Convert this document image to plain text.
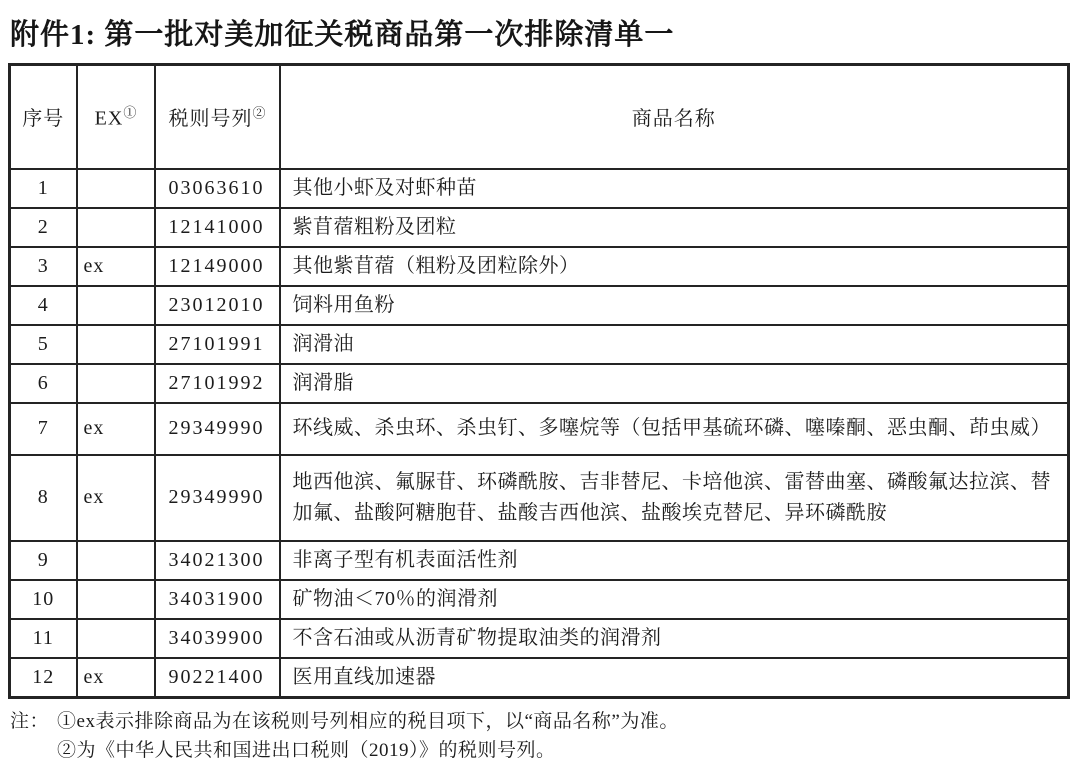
附件1: 第一批对美加征关税商品第一次排除清单一
序号	EX①	税则号列②	商品名称
1		03063610	其他小虾及对虾种苗
2		12141000	紫苜蓿粗粉及团粒
3	ex	12149000	其他紫苜蓿（粗粉及团粒除外）
4		23012010	饲料用鱼粉
5		27101991	润滑油
6		27101992	润滑脂
7	ex	29349990	环线威、杀虫环、杀虫钉、多噻烷等（包括甲基硫环磷、噻嗪酮、恶虫酮、茚虫威）
8	ex	29349990	地西他滨、氟脲苷、环磷酰胺、吉非替尼、卡培他滨、雷替曲塞、磷酸氟达拉滨、替加氟、盐酸阿糖胞苷、盐酸吉西他滨、盐酸埃克替尼、异环磷酰胺
9		34021300	非离子型有机表面活性剂
10		34031900	矿物油＜70％的润滑剂
11		34039900	不含石油或从沥青矿物提取油类的润滑剂
12	ex	90221400	医用直线加速器
注： ①ex表示排除商品为在该税则号列相应的税目项下，以“商品名称”为准。
②为《中华人民共和国进出口税则（2019）》的税则号列。
